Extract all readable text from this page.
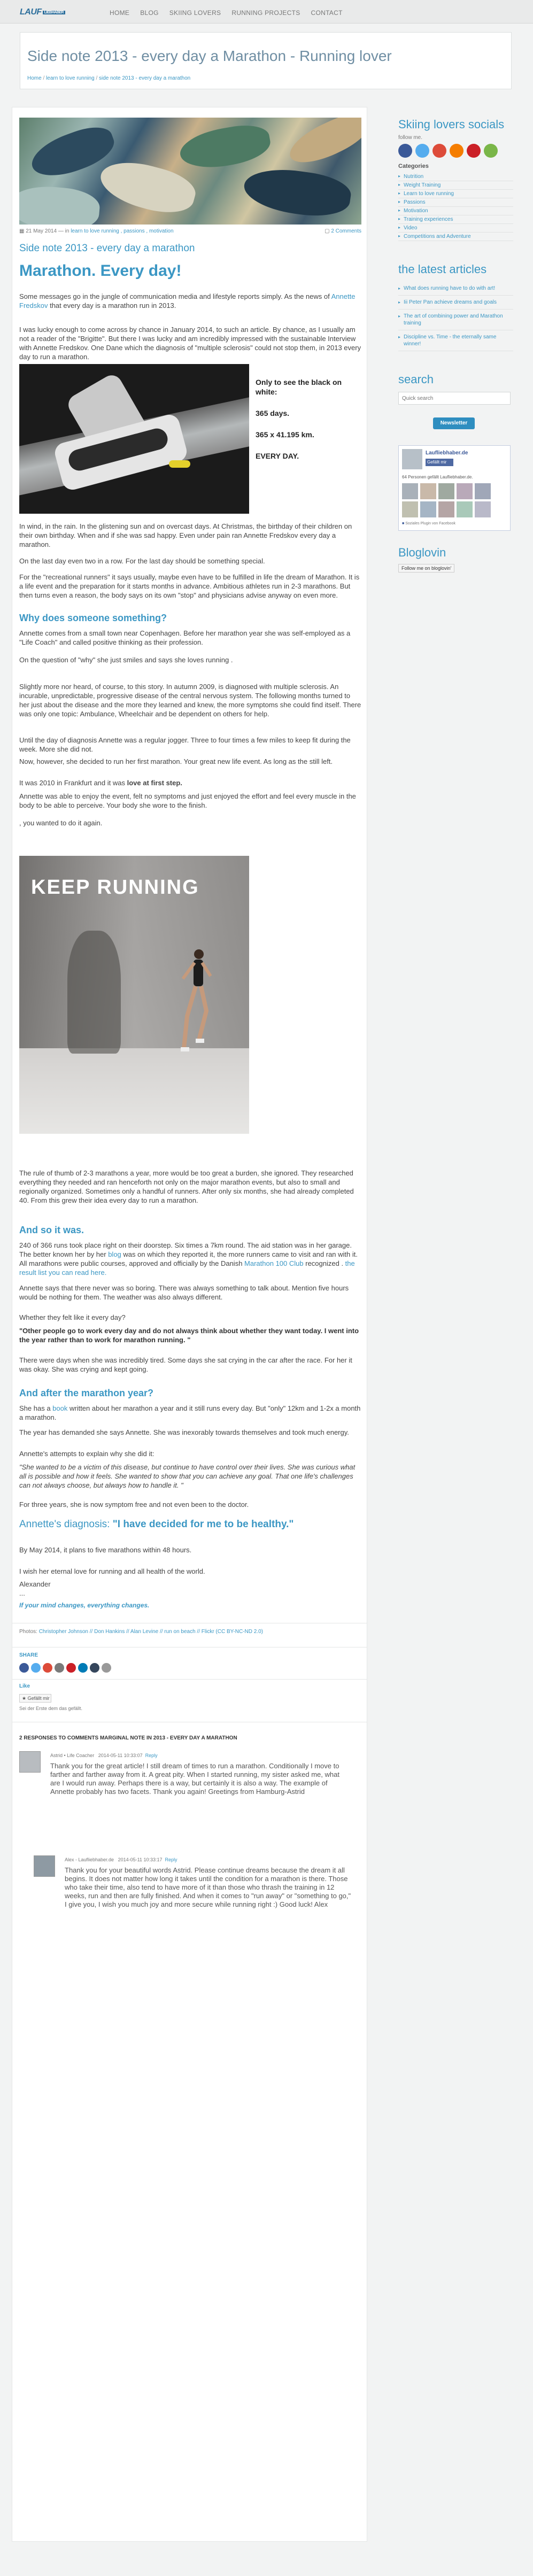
LAUF LIEBHABER	HOME BLOG SKIING LOVERS RUNNING PROJECTS CONTACT
Side note 2013 - every day a Marathon - Running lover
Home / learn to love running / side note 2013 - every day a marathon
▦ 21 May 2014 — in
learn to love running , passions , motivation	▢ 2 Comments
Side note 2013 - every day a marathon
Marathon. Every day!

Some messages go in the jungle of communication media and lifestyle reports simply. As the news of Annette Fredskov that every day is a marathon run in 2013.

I was lucky enough to come across by chance in January 2014, to such an article. By chance, as I usually am not a reader of the "Brigitte". But there I was lucky and am incredibly impressed with the sustainable Interview with Annette Fredskov. One Dane which the diagnosis of "multiple sclerosis" could not stop them, in 2013 every day to run a marathon.

Only to see the black on white:
365 days.
365 x 41.195 km.
EVERY DAY.

In wind, in the rain. In the glistening sun and on overcast days. At Christmas, the birthday of their children on their own birthday. When and if she was sad happy. Even under pain ran Annette Fredskov every day a marathon.

On the last day even two in a row. For the last day should be something special.

For the "recreational runners" it says usually, maybe even have to be fulfilled in life the dream of Marathon. It is a life event and the preparation for it starts months in advance. Ambitious athletes run in 2-3 marathons. But then turns even a reason, the body says on its own "stop" and physicians advise anyway on even more.

Why does someone something?

Annette comes from a small town near Copenhagen. Before her marathon year she was self-employed as a "Life Coach" and called positive thinking as their profession.

On the question of "why" she just smiles and says she loves running .

Slightly more nor heard, of course, to this story. In autumn 2009, is diagnosed with multiple sclerosis. An incurable, unpredictable, progressive disease of the central nervous system. The following months turned to her just about the disease and the more they learned and knew, the more symptoms she could find itself. There was only one topic: Ambulance, Wheelchair and be dependent on others for help.

Until the day of diagnosis Annette was a regular jogger. Three to four times a few miles to keep fit during the week. More she did not.

Now, however, she decided to run her first marathon. Your great new life event. As long as the still left.

It was 2010 in Frankfurt and it was love at first step.

Annette was able to enjoy the event, felt no symptoms and just enjoyed the effort and feel every muscle in the body to be able to perceive. Your body she wore to the finish.

, you wanted to do it again.

KEEP RUNNING

The rule of thumb of 2-3 marathons a year, more would be too great a burden, she ignored. They researched everything they needed and ran henceforth not only on the major marathon events, but also to small and regionally organized. Sometimes only a handful of runners. After only six months, she had already completed 40. From this grew their idea every day to run a marathon.

And so it was.

240 of 366 runs took place right on their doorstep. Six times a 7km round. The aid station was in her garage. The better known her by her blog was on which they reported it, the more runners came to visit and ran with it. All marathons were public courses, approved and officially by the Danish Marathon 100 Club recognized . the result list you can read here.

Annette says that there never was so boring. There was always something to talk about. Mention five hours would be nothing for them. The weather was also always different.

Whether they felt like it every day?

"Other people go to work every day and do not always think about whether they want today. I went into the year rather than to work for marathon running. "

There were days when she was incredibly tired. Some days she sat crying in the car after the race. For her it was okay. She was crying and kept going.

And after the marathon year?

She has a book written about her marathon a year and it still runs every day. But "only" 12km and 1-2x a month a marathon.

The year has demanded she says Annette. She was inexorably towards themselves and took much energy.

Annette's attempts to explain why she did it:

"She wanted to be a victim of this disease, but continue to have control over their lives. She was curious what all is possible and how it feels. She wanted to show that you can achieve any goal. That one life's challenges can not always choose, but always how to handle it. "

For three years, she is now symptom free and not even been to the doctor.

Annette's diagnosis: "I have decided for me to be healthy."

By May 2014, it plans to five marathons within 48 hours.

I wish her eternal love for running and all health of the world.

Alexander

...

If your mind changes, everything changes.

Photos: Christopher Johnson // Don Hankins // Alan Levine // run on beach // Flickr (CC BY-NC-ND 2.0)

SHARE

Like

★ Gefällt mir

Sei der Erste dem das gefällt.

2 RESPONSES TO COMMENTS MARGINAL NOTE IN 2013 - EVERY DAY A MARATHON

Astrid • Life Coacher 2014-05-11 10:33:07 Reply
Thank you for the great article! I still dream of times to run a marathon. Conditionally I move to farther and farther away from it. A great pity. When I started running, my sister asked me, what are I would run away. Perhaps there is a way, but certainly it is also a way. The example of Annette probably has two facets. Thank you again! Greetings from Hamburg-Astrid
Alex - Laufliebhaber.de 2014-05-11 10:33:17 Reply
Thank you for your beautiful words Astrid. Please continue dreams because the dream it all begins. It does not matter how long it takes until the condition for a marathon is there. Those who take their time, also tend to have more of it than those who thrash the training in 12 weeks, run and then are fully finished. And when it comes to "run away" or "something to go," I give you, I wish you much joy and more secure while running right :) Good luck! Alex
Skiing lovers socials
follow me.
Categories
▸ Nutrition
▸ Weight Training
▸ Learn to love running
▸ Passions
▸ Motivation
▸ Training experiences
▸ Video
▸ Competitions and Adventure
the latest articles
▸ What does running have to do with art!
▸ Iii Peter Pan achieve dreams and goals
▸ The art of combining power and Marathon training
▸ Discipline vs. Time - the eternally same winner!
search
Quick search
Newsletter
Laufliebhaber.de
Gefällt mir
64 Personen gefällt Laufliebhaber.de.
■ Soziales Plugin von Facebook
Bloglovin
Follow me on bloglovin'
